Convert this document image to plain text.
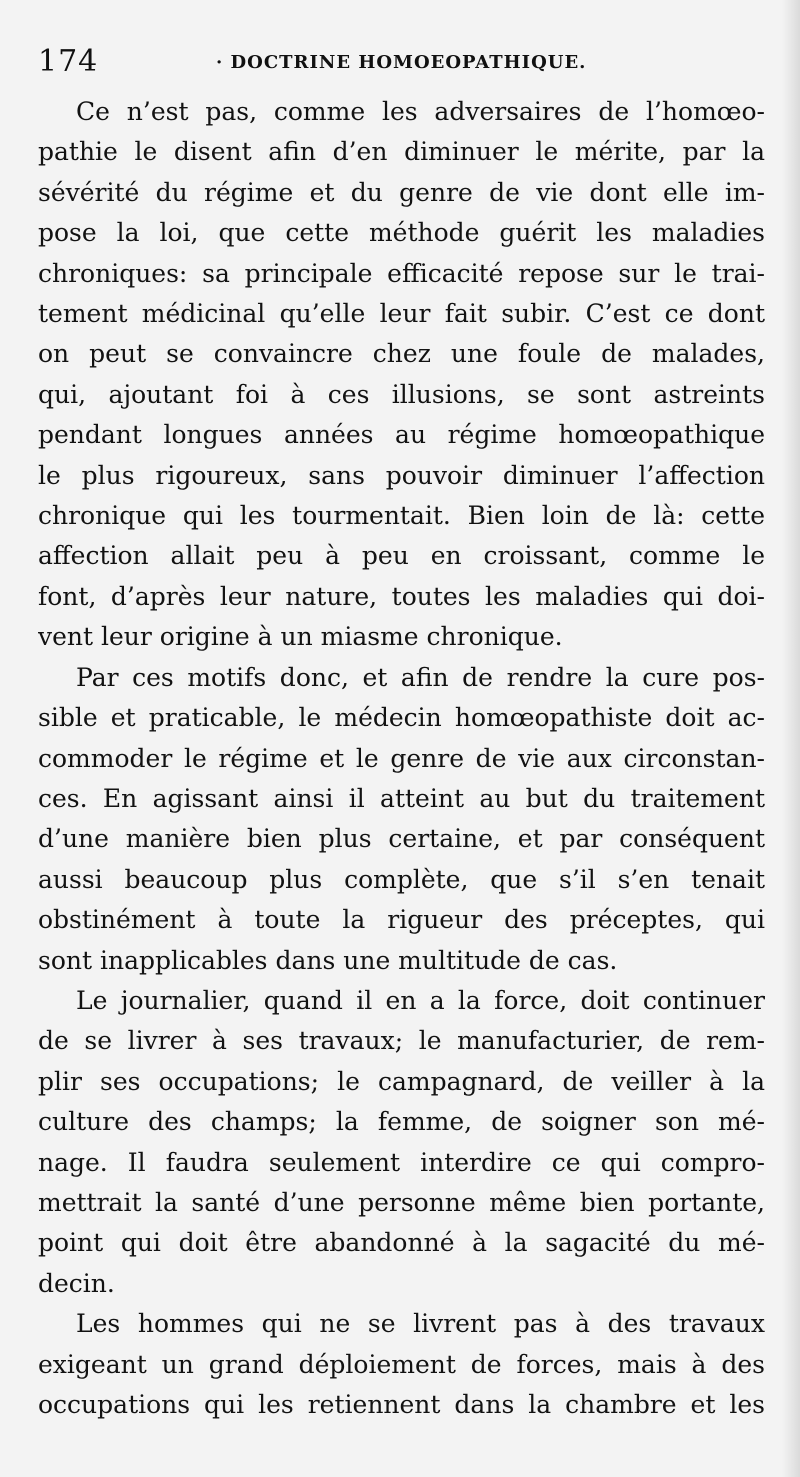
174	· DOCTRINE HOMOEOPATHIQUE.
Ce n’est pas, comme les adversaires de l’homœo-
pathie le disent afin d’en diminuer le mérite, par la
sévérité du régime et du genre de vie dont elle im-
pose la loi, que cette méthode guérit les maladies
chroniques: sa principale efficacité repose sur le trai-
tement médicinal qu’elle leur fait subir. C’est ce dont
on peut se convaincre chez une foule de malades,
qui, ajoutant foi à ces illusions, se sont astreints
pendant longues années au régime homœopathique
le plus rigoureux, sans pouvoir diminuer l’affection
chronique qui les tourmentait. Bien loin de là: cette
affection allait peu à peu en croissant, comme le
font, d’après leur nature, toutes les maladies qui doi-
vent leur origine à un miasme chronique.
Par ces motifs donc, et afin de rendre la cure pos-
sible et praticable, le médecin homœopathiste doit ac-
commoder le régime et le genre de vie aux circonstan-
ces. En agissant ainsi il atteint au but du traitement
d’une manière bien plus certaine, et par conséquent
aussi beaucoup plus complète, que s’il s’en tenait
obstinément à toute la rigueur des préceptes, qui
sont inapplicables dans une multitude de cas.
Le journalier, quand il en a la force, doit continuer
de se livrer à ses travaux; le manufacturier, de rem-
plir ses occupations; le campagnard, de veiller à la
culture des champs; la femme, de soigner son mé-
nage. Il faudra seulement interdire ce qui compro-
mettrait la santé d’une personne même bien portante,
point qui doit être abandonné à la sagacité du mé-
decin.
Les hommes qui ne se livrent pas à des travaux
exigeant un grand déploiement de forces, mais à des
occupations qui les retiennent dans la chambre et les
